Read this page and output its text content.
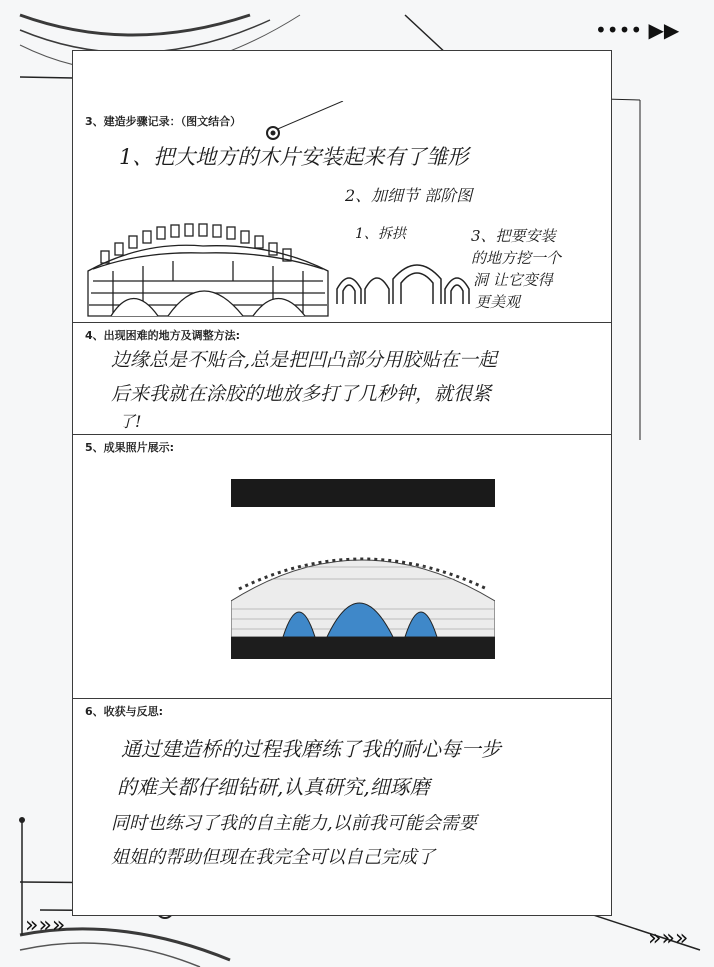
•••• ▶▶
»»»
»»»
3、建造步骤记录：（图文结合）
1、把大地方的木片安装起来有了雏形
2、加细节 部阶图
1、拆拱	3、把要安装
的地方挖一个
洞 让它变得
更美观
4、出现困难的地方及调整方法:
边缘总是不贴合,总是把凹凸部分用胶贴在一起
后来我就在涂胶的地放多打了几秒钟，就很紧
了!
5、成果照片展示:
6、收获与反思:
通过建造桥的过程我磨练了我的耐心每一步
的难关都仔细钻研,认真研究,细琢磨
同时也练习了我的自主能力,以前我可能会需要
姐姐的帮助但现在我完全可以自己完成了
